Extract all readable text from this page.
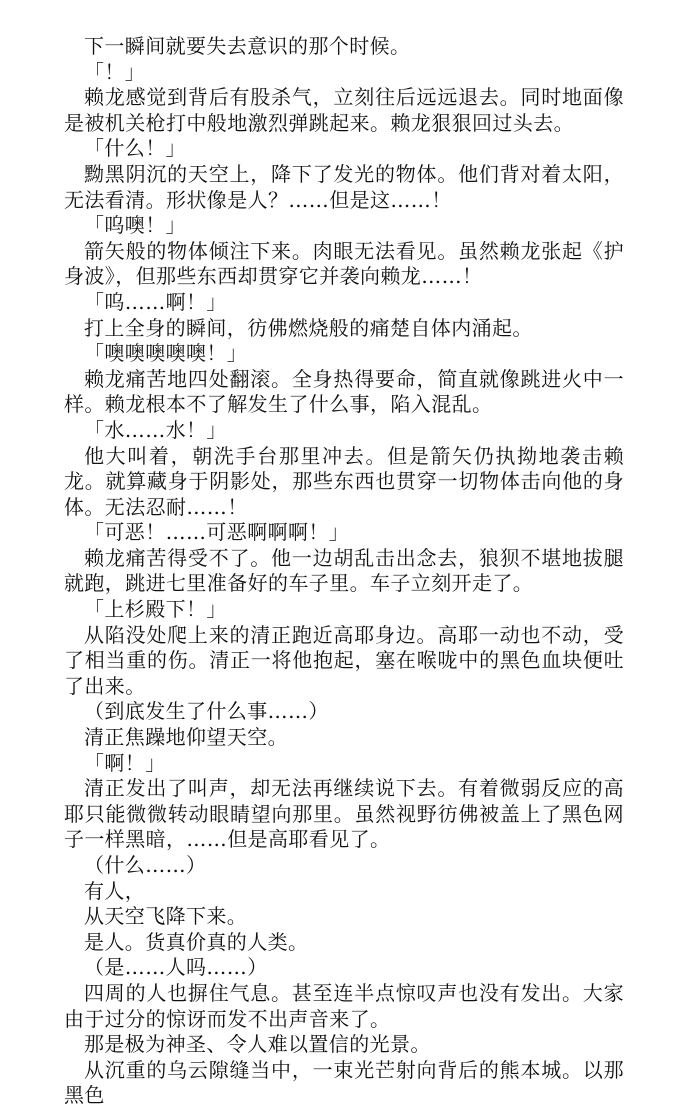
下一瞬间就要失去意识的那个时候。

「！」

赖龙感觉到背后有股杀气，立刻往后远远退去。同时地面像是被机关枪打中般地激烈弹跳起来。赖龙狠狠回过头去。

「什么！」

黝黑阴沉的天空上，降下了发光的物体。他们背对着太阳，无法看清。形状像是人？……但是这……！

「呜噢！」

箭矢般的物体倾注下来。肉眼无法看见。虽然赖龙张起《护身波》，但那些东西却贯穿它并袭向赖龙……！

「呜……啊！」

打上全身的瞬间，彷佛燃烧般的痛楚自体内涌起。

「噢噢噢噢噢！」

赖龙痛苦地四处翻滚。全身热得要命，简直就像跳进火中一样。赖龙根本不了解发生了什么事，陷入混乱。

「水……水！」

他大叫着，朝洗手台那里冲去。但是箭矢仍执拗地袭击赖龙。就算藏身于阴影处，那些东西也贯穿一切物体击向他的身体。无法忍耐……！

「可恶！……可恶啊啊啊！」

赖龙痛苦得受不了。他一边胡乱击出念去，狼狈不堪地拔腿就跑，跳进七里准备好的车子里。车子立刻开走了。

「上杉殿下！」

从陷没处爬上来的清正跑近高耶身边。高耶一动也不动，受了相当重的伤。清正一将他抱起，塞在喉咙中的黑色血块便吐了出来。

（到底发生了什么事……）

清正焦躁地仰望天空。

「啊！」

清正发出了叫声，却无法再继续说下去。有着微弱反应的高耶只能微微转动眼睛望向那里。虽然视野彷佛被盖上了黑色网子一样黑暗，……但是高耶看见了。

（什么……）

有人，

从天空飞降下来。

是人。货真价真的人类。

（是……人吗……）

四周的人也摒住气息。甚至连半点惊叹声也没有发出。大家由于过分的惊讶而发不出声音来了。

那是极为神圣、令人难以置信的光景。

从沉重的乌云隙缝当中，一束光芒射向背后的熊本城。以那黑色
